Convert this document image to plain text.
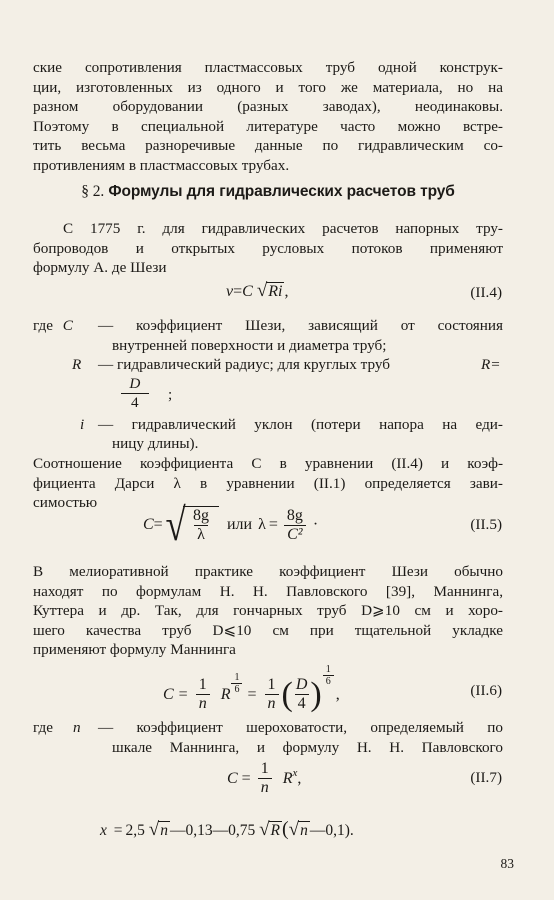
ские сопротивления пластмассовых труб одной конструк-
ции, изготовленных из одного и того же материала, но на
разном оборудовании (разных заводах), неодинаковы.
Поэтому в специальной литературе часто можно встре-
тить весьма разноречивые данные по гидравлическим со-
противлениям в пластмассовых трубах.
§ 2. Формулы для гидравлических расчетов труб
С 1775 г. для гидравлических расчетов напорных тру-
бопроводов и открытых русловых потоков применяют
формулу А. де Шези
v=C √Ri ,	(II.4)
где C — коэффициент Шези, зависящий от состояния
внутренней поверхности и диаметра труб;
R — гидравлический радиус; для круглых труб	R=
$\frac{D}{4}$ ;
i — гидравлический уклон (потери напора на еди-
ницу длины).
Соотношение коэффициента C в уравнении (II.4) и коэф-
фициента Дарси λ в уравнении (II.1) определяется зави-
симостью
C = √ $\frac{8g}{\lambda}$ или $\lambda = \frac{8g}{\text{C²}}$ ·	(II.5)
В мелиоративной практике коэффициент Шези обычно
находят по формулам Н. Н. Павловского [39], Маннинга,
Куттера и др. Так, для гончарных труб D⩾10 см и хоро-
шего качества труб D⩽10 см при тщательной укладке
применяют формулу Маннинга
$C = \frac{1}{n}$ R $\frac{1}{6} = \frac{1}{n}$ ( $\frac{D}{4}$ ) $\frac{1}{6}$
,	(II.6)
где n — коэффициент шероховатости, определяемый по
шкале Маннинга, и формулу Н. Н. Павловского
$C = \frac{1}{n}$ R x ,	(II.7)
x = 2,5 √n —0,13—0,75 √R (√n —0,1).
83
